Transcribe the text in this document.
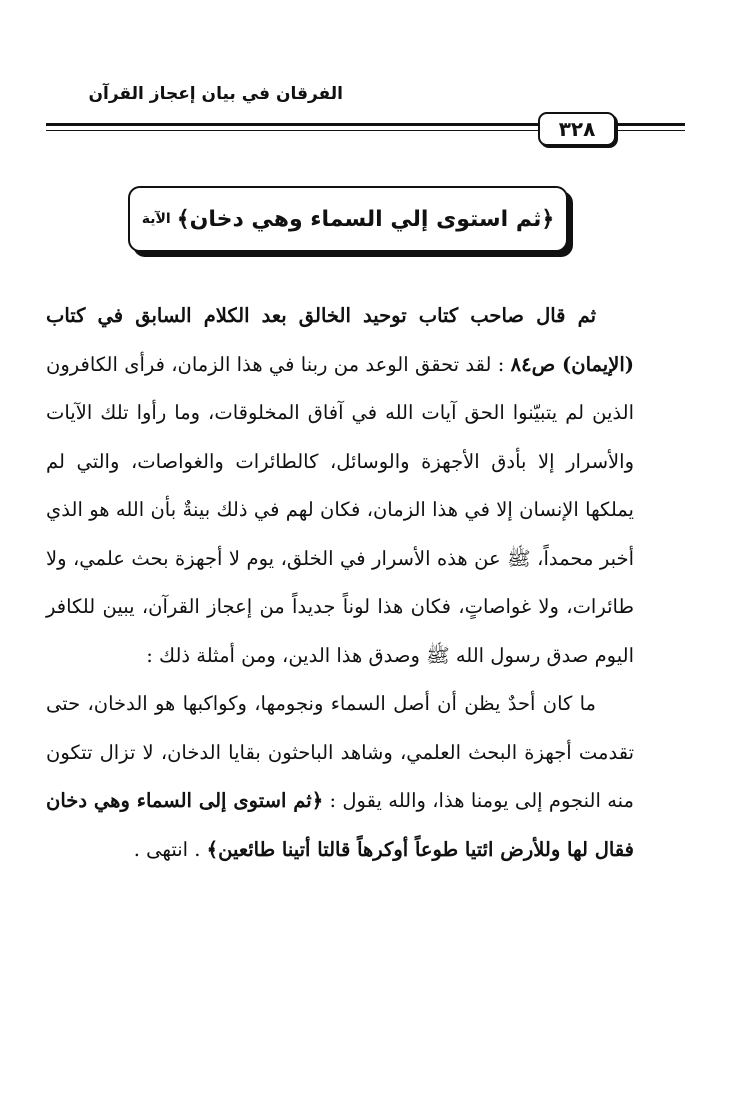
الفرقان في بيان إعجاز القرآن
٣٢٨
﴿ثم استوى إلي السماء وهي دخان﴾
الآية

ثم قال صاحب كتاب توحيد الخالق بعد الكلام السابق في كتاب (الإيمان) ص٨٤ : لقد تحقق الوعد من ربنا في هذا الزمان، فرأى الكافرون الذين لم يتبيّنوا الحق آيات الله في آفاق المخلوقات، وما رأوا تلك الآيات والأسرار إلا بأدق الأجهزة والوسائل، كالطائرات والغواصات، والتي لم يملكها الإنسان إلا في هذا الزمان، فكان لهم في ذلك بينةٌ بأن الله هو الذي أخبر محمداً، ﷺ عن هذه الأسرار في الخلق، يوم لا أجهزة بحث علمي، ولا طائرات، ولا غواصاتٍ، فكان هذا لوناً جديداً من إعجاز القرآن، يبين للكافر اليوم صدق رسول الله ﷺ وصدق هذا الدين، ومن أمثلة ذلك :

ما كان أحدٌ يظن أن أصل السماء ونجومها، وكواكبها هو الدخان، حتى تقدمت أجهزة البحث العلمي، وشاهد الباحثون بقايا الدخان، لا تزال تتكون منه النجوم إلى يومنا هذا، والله يقول : ﴿ثم استوى إلى السماء وهي دخان فقال لها وللأرض ائتيا طوعاً أوكرهاً قالتا أتينا طائعين﴾ . انتهى .
